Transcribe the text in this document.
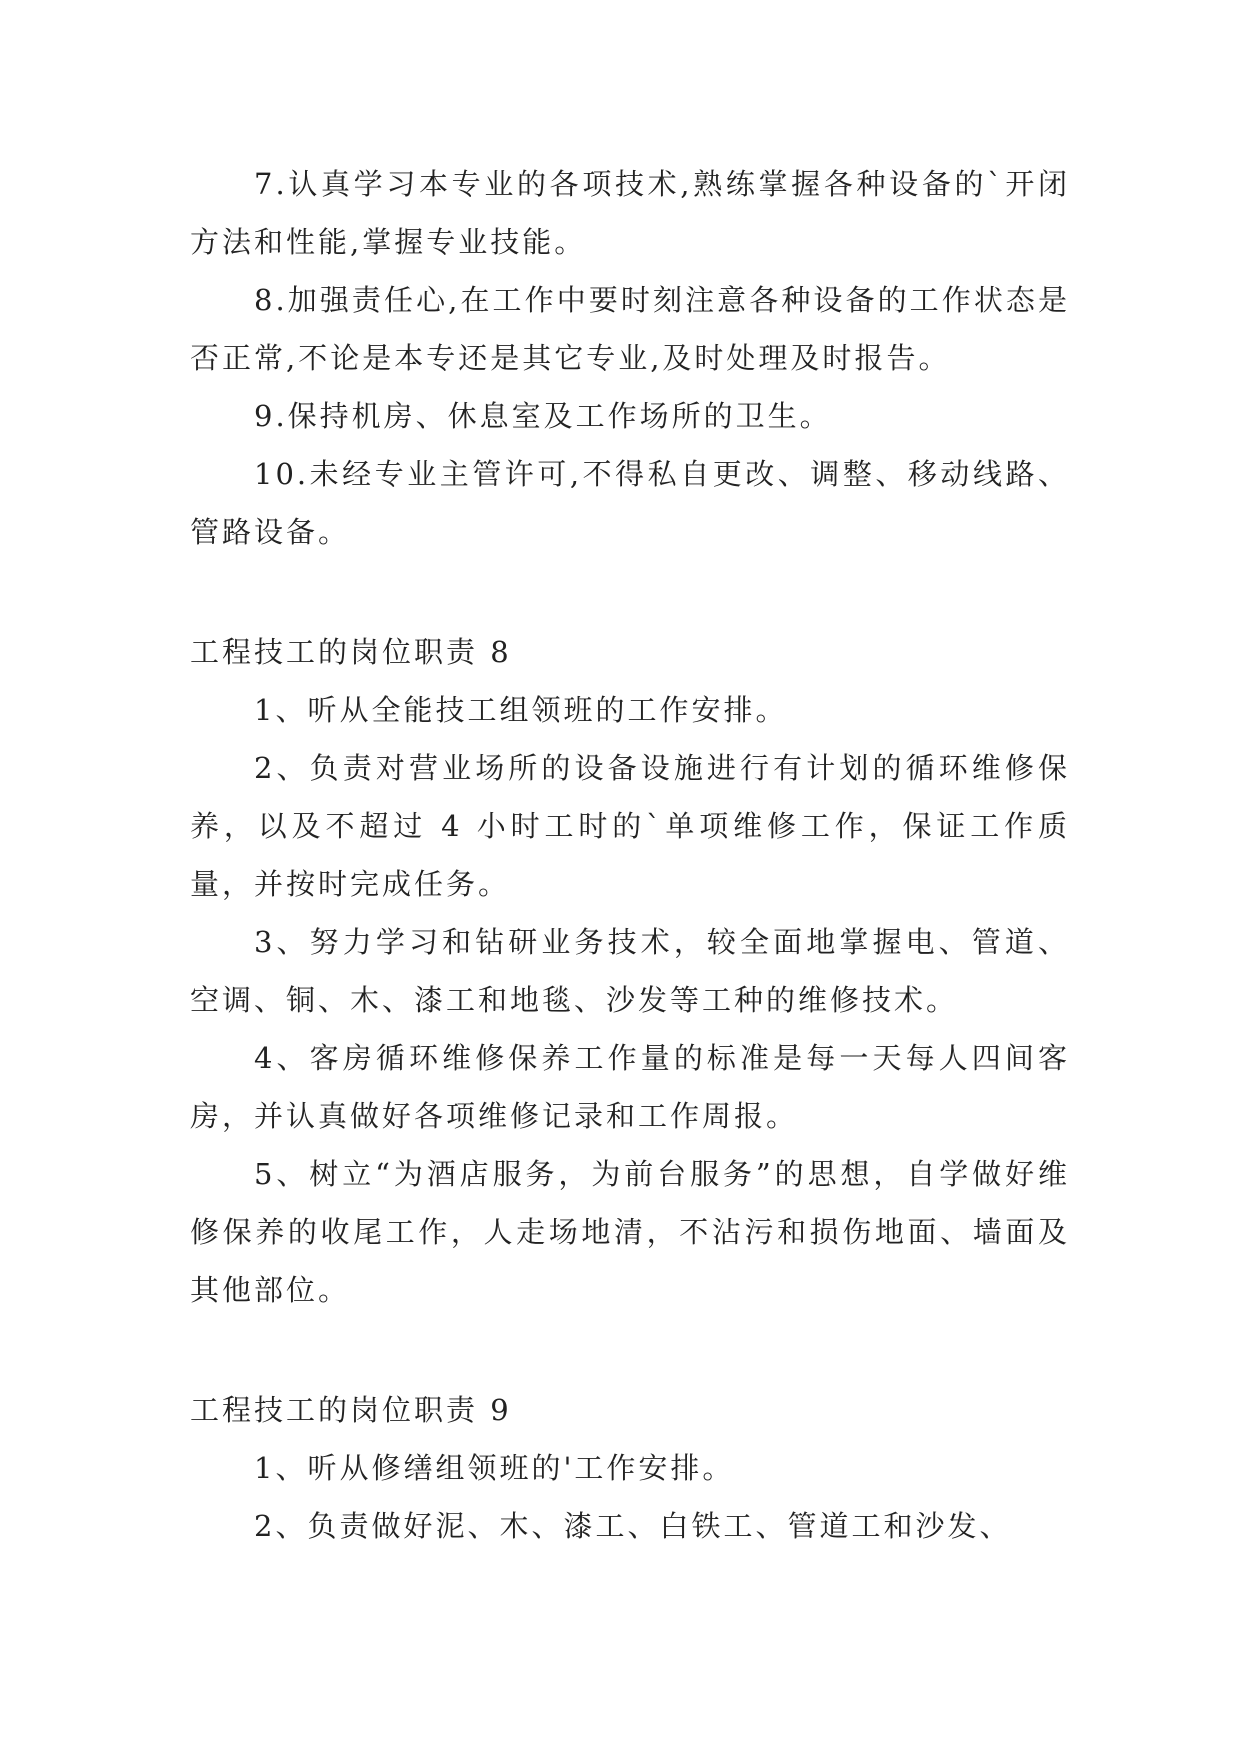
7.认真学习本专业的各项技术,熟练掌握各种设备的`开闭方法和性能,掌握专业技能。

8.加强责任心,在工作中要时刻注意各种设备的工作状态是否正常,不论是本专还是其它专业,及时处理及时报告。

9.保持机房、休息室及工作场所的卫生。

10.未经专业主管许可,不得私自更改、调整、移动线路、管路设备。

工程技工的岗位职责 8

1、听从全能技工组领班的工作安排。

2、负责对营业场所的设备设施进行有计划的循环维修保养，以及不超过 4 小时工时的`单项维修工作，保证工作质量，并按时完成任务。

3、努力学习和钻研业务技术，较全面地掌握电、管道、空调、铜、木、漆工和地毯、沙发等工种的维修技术。

4、客房循环维修保养工作量的标准是每一天每人四间客房，并认真做好各项维修记录和工作周报。

5、树立“为酒店服务，为前台服务”的思想，自学做好维修保养的收尾工作，人走场地清，不沾污和损伤地面、墙面及其他部位。

工程技工的岗位职责 9

1、听从修缮组领班的'工作安排。

2、负责做好泥、木、漆工、白铁工、管道工和沙发、
